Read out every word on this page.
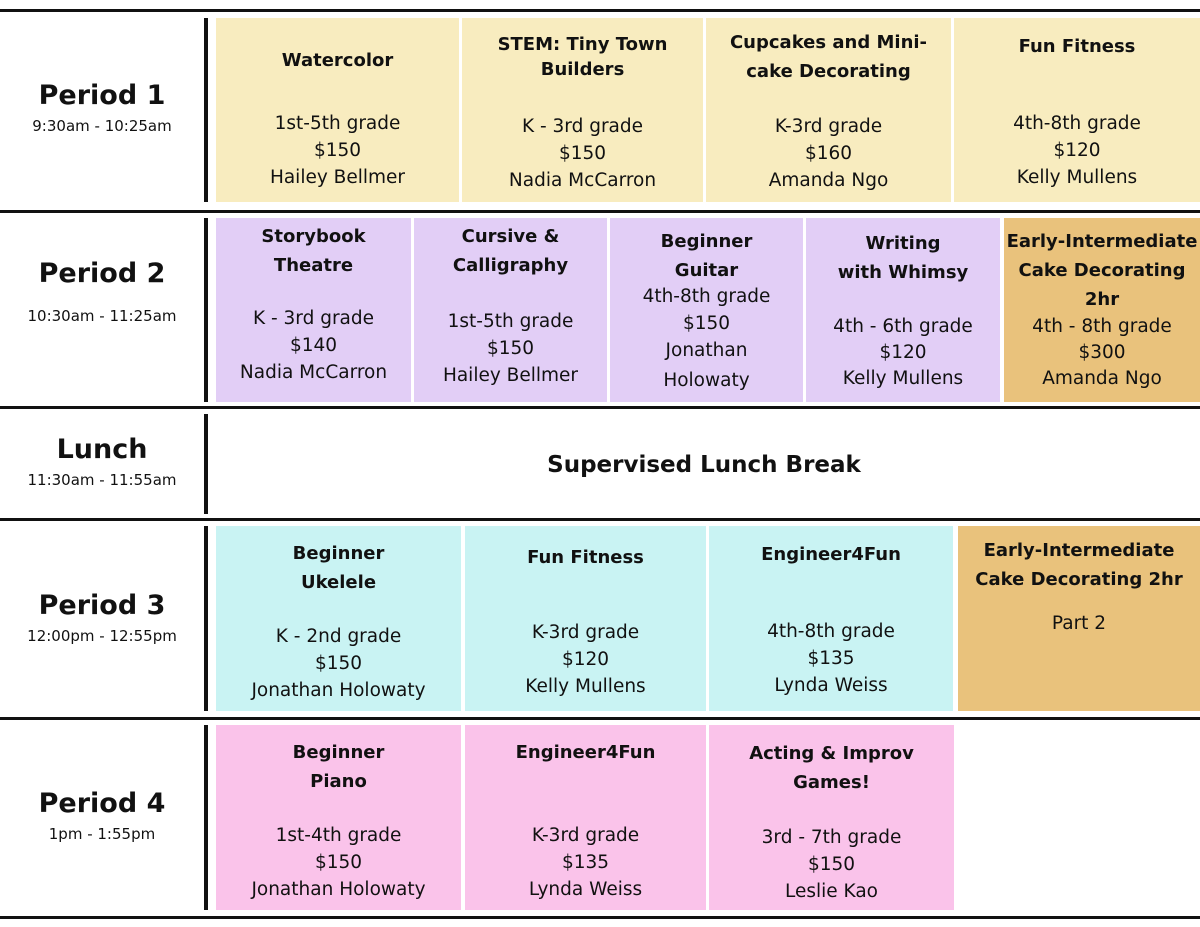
Period 1
9:30am - 10:25am
Period 2
10:30am - 11:25am
Lunch
11:30am - 11:55am
Period 3
12:00pm - 12:55pm
Period 4
1pm - 1:55pm
Supervised Lunch Break
Watercolor
1st-5th grade
$150
Hailey Bellmer
STEM: Tiny Town
Builders
K - 3rd grade
$150
Nadia McCarron
Cupcakes and Mini-
cake Decorating
K-3rd grade
$160
Amanda Ngo
Fun Fitness
4th-8th grade
$120
Kelly Mullens
Storybook
Theatre
K - 3rd grade
$140
Nadia McCarron
Cursive &
Calligraphy
1st-5th grade
$150
Hailey Bellmer
Beginner
Guitar
4th-8th grade
$150
Jonathan
Holowaty
Writing
with Whimsy
4th - 6th grade
$120
Kelly Mullens
Early-Intermediate
Cake Decorating
2hr
4th - 8th grade
$300
Amanda Ngo
Beginner
Ukelele
K - 2nd grade
$150
Jonathan Holowaty
Fun Fitness
K-3rd grade
$120
Kelly Mullens
Engineer4Fun
4th-8th grade
$135
Lynda Weiss
Early-Intermediate
Cake Decorating 2hr
Part 2
Beginner
Piano
1st-4th grade
$150
Jonathan Holowaty
Engineer4Fun
K-3rd grade
$135
Lynda Weiss
Acting & Improv
Games!
3rd - 7th grade
$150
Leslie Kao
